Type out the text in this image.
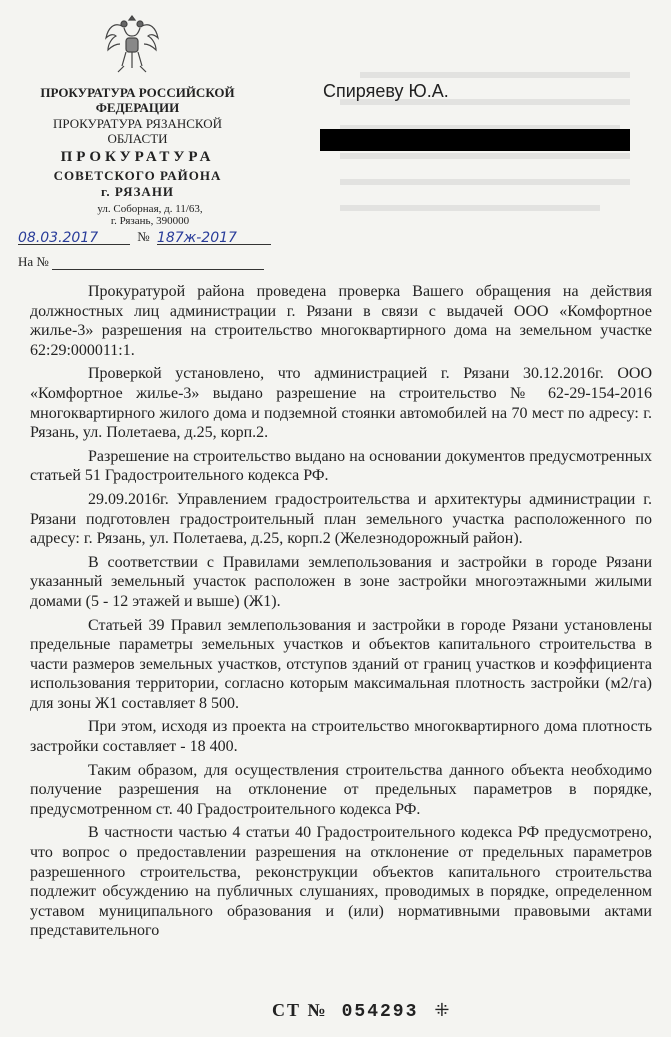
ПРОКУРАТУРА РОССИЙСКОЙ
ФЕДЕРАЦИИ
ПРОКУРАТУРА РЯЗАНСКОЙ
ОБЛАСТИ
ПРОКУРАТУРА
СОВЕТСКОГО РАЙОНА
г. РЯЗАНИ
ул. Соборная, д. 11/63,
г. Рязань, 390000
Спиряеву Ю.А.
08.03.2017	№ 187ж-2017
На №

Прокуратурой района проведена проверка Вашего обращения на действия должностных лиц администрации г. Рязани в связи с выдачей ООО «Комфортное жилье-3» разрешения на строительство многоквартирного дома на земельном участке 62:29:000011:1.

Проверкой установлено, что администрацией г. Рязани 30.12.2016г. ООО «Комфортное жилье-3» выдано разрешение на строительство № 62-29-154-2016 многоквартирного жилого дома и подземной стоянки автомобилей на 70 мест по адресу: г. Рязань, ул. Полетаева, д.25, корп.2.

Разрешение на строительство выдано на основании документов предусмотренных статьей 51 Градостроительного кодекса РФ.

29.09.2016г. Управлением градостроительства и архитектуры администрации г. Рязани подготовлен градостроительный план земельного участка расположенного по адресу: г. Рязань, ул. Полетаева, д.25, корп.2 (Железнодорожный район).

В соответствии с Правилами землепользования и застройки в городе Рязани указанный земельный участок расположен в зоне застройки многоэтажными жилыми домами (5 - 12 этажей и выше) (Ж1).

Статьей 39 Правил землепользования и застройки в городе Рязани установлены предельные параметры земельных участков и объектов капитального строительства в части размеров земельных участков, отступов зданий от границ участков и коэффициента использования территории, согласно которым максимальная плотность застройки (м2/га) для зоны Ж1 составляет 8 500.

При этом, исходя из проекта на строительство многоквартирного дома плотность застройки составляет - 18 400.

Таким образом, для осуществления строительства данного объекта необходимо получение разрешения на отклонение от предельных параметров в порядке, предусмотренном ст. 40 Градостроительного кодекса РФ.

В частности частью 4 статьи 40 Градостроительного кодекса РФ предусмотрено, что вопрос о предоставлении разрешения на отклонение от предельных параметров разрешенного строительства, реконструкции объектов капитального строительства подлежит обсуждению на публичных слушаниях, проводимых в порядке, определенном уставом муниципального образования и (или) нормативными правовыми актами представительного

СТ № 054293 ⁜
